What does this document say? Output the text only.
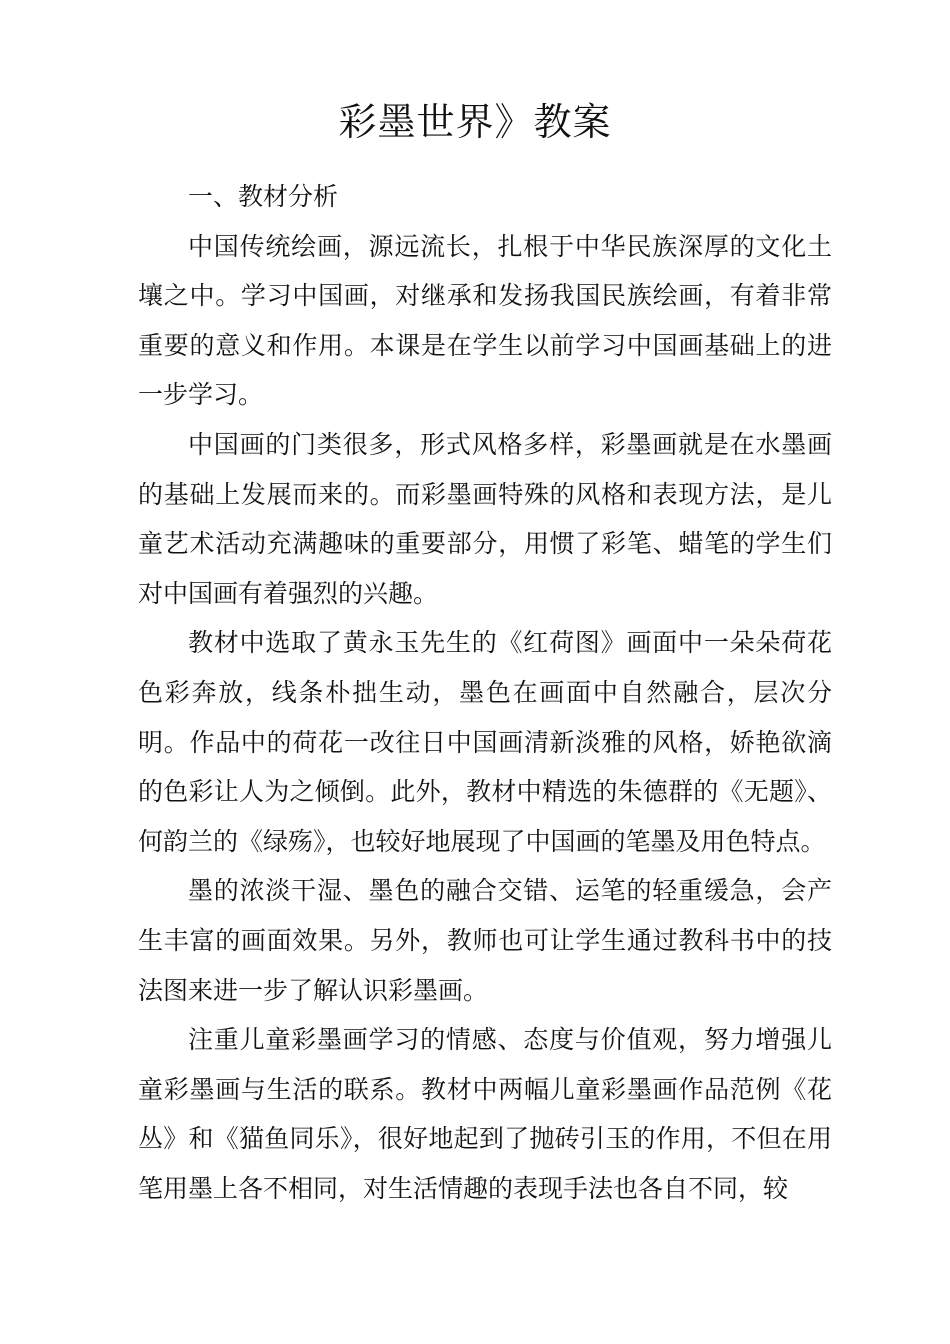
彩墨世界》教案
一、教材分析

中国传统绘画，源远流长，扎根于中华民族深厚的文化土壤之中。学习中国画，对继承和发扬我国民族绘画，有着非常重要的意义和作用。本课是在学生以前学习中国画基础上的进一步学习。

中国画的门类很多，形式风格多样，彩墨画就是在水墨画的基础上发展而来的。而彩墨画特殊的风格和表现方法，是儿童艺术活动充满趣味的重要部分，用惯了彩笔、蜡笔的学生们对中国画有着强烈的兴趣。

教材中选取了黄永玉先生的《红荷图》画面中一朵朵荷花色彩奔放，线条朴拙生动，墨色在画面中自然融合，层次分明。作品中的荷花一改往日中国画清新淡雅的风格，娇艳欲滴的色彩让人为之倾倒。此外，教材中精选的朱德群的《无题》、何韵兰的《绿殇》，也较好地展现了中国画的笔墨及用色特点。

墨的浓淡干湿、墨色的融合交错、运笔的轻重缓急，会产生丰富的画面效果。另外，教师也可让学生通过教科书中的技法图来进一步了解认识彩墨画。

注重儿童彩墨画学习的情感、态度与价值观，努力增强儿童彩墨画与生活的联系。教材中两幅儿童彩墨画作品范例《花丛》和《猫鱼同乐》，很好地起到了抛砖引玉的作用，不但在用笔用墨上各不相同，对生活情趣的表现手法也各自不同，较
